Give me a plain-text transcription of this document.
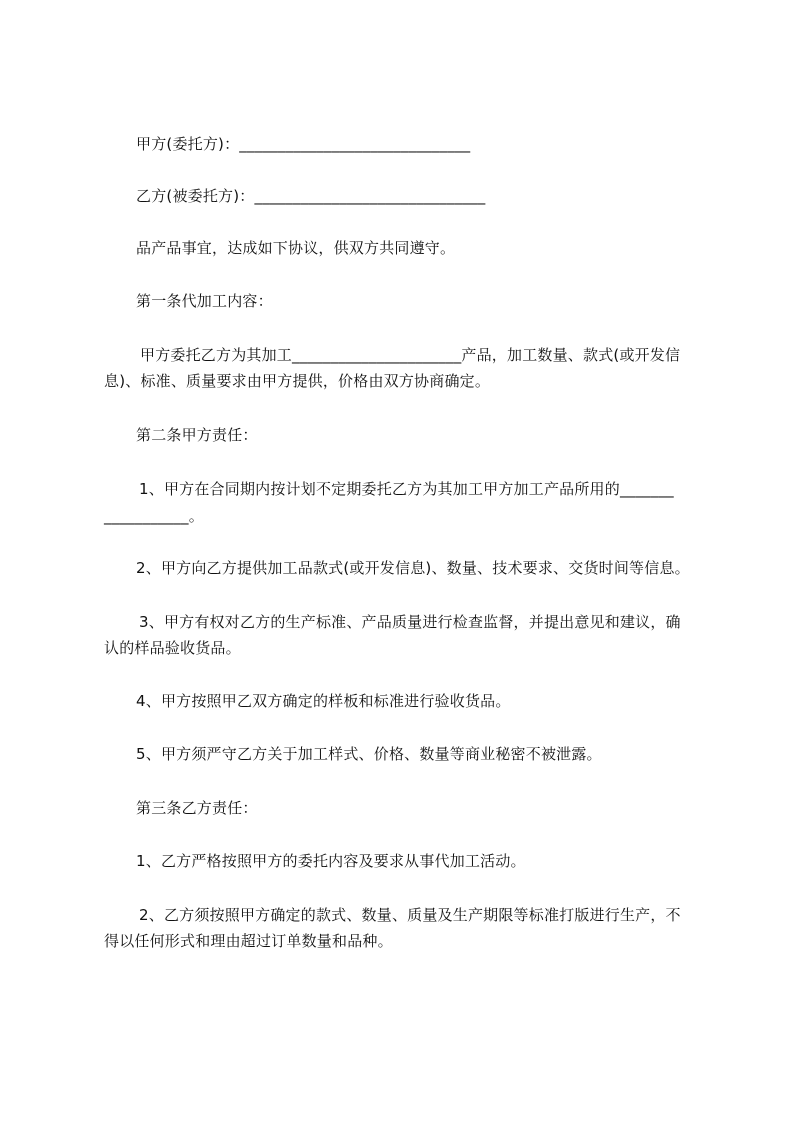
甲方(委托方)：______________________________
乙方(被委托方)：______________________________
品产品事宜，达成如下协议，供双方共同遵守。
第一条代加工内容：
甲方委托乙方为其加工______________________产品，加工数量、款式(或开发信
息)、标准、质量要求由甲方提供，价格由双方协商确定。
第二条甲方责任：
1、甲方在合同期内按计划不定期委托乙方为其加工甲方加工产品所用的_______
___________。
2、甲方向乙方提供加工品款式(或开发信息)、数量、技术要求、交货时间等信息。
3、甲方有权对乙方的生产标准、产品质量进行检查监督，并提出意见和建议，确
认的样品验收货品。
4、甲方按照甲乙双方确定的样板和标准进行验收货品。
5、甲方须严守乙方关于加工样式、价格、数量等商业秘密不被泄露。
第三条乙方责任：
1、乙方严格按照甲方的委托内容及要求从事代加工活动。
2、乙方须按照甲方确定的款式、数量、质量及生产期限等标准打版进行生产，不
得以任何形式和理由超过订单数量和品种。
